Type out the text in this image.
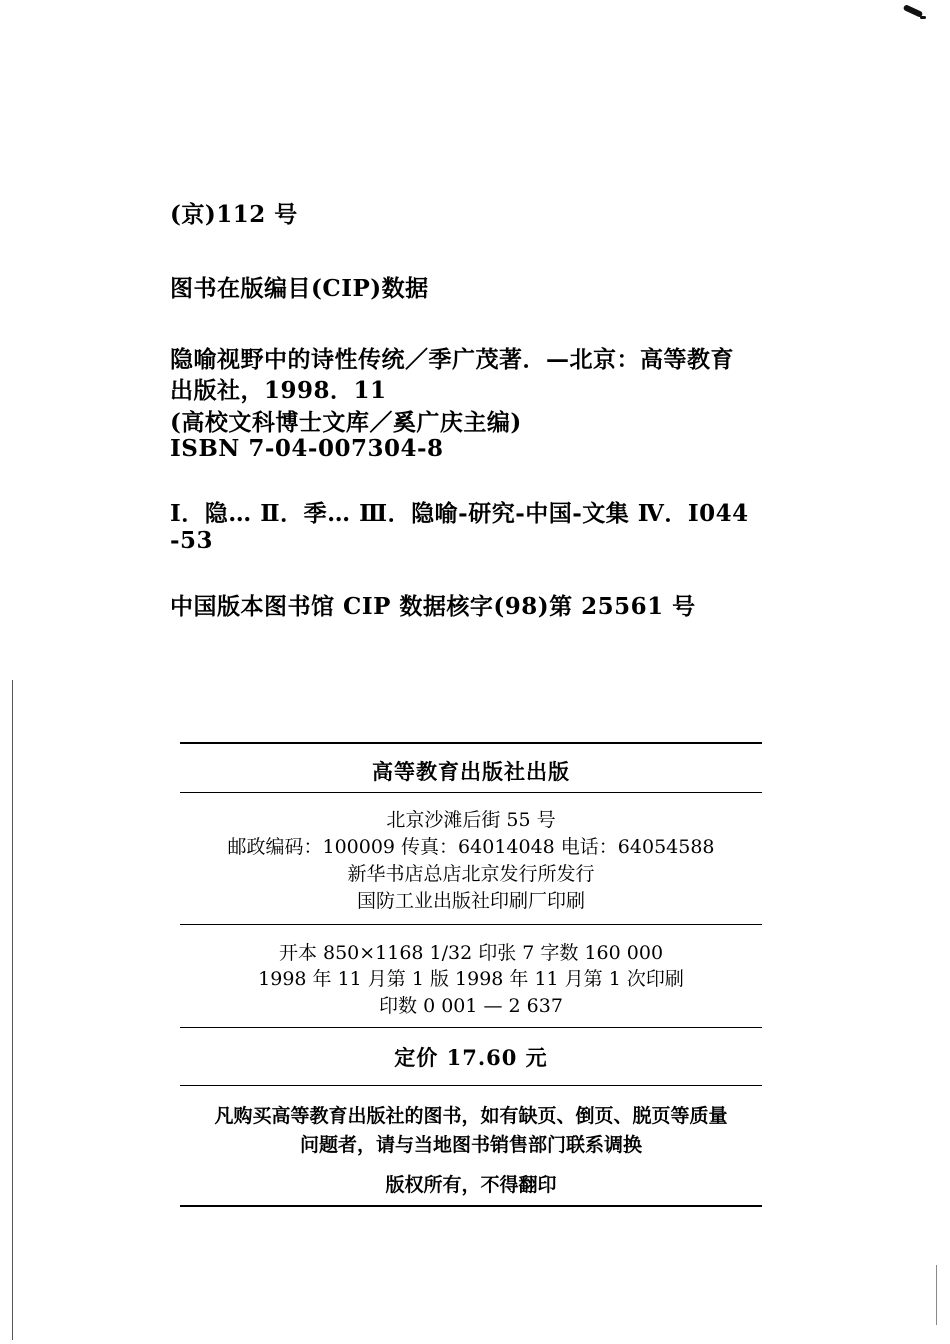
(京)112 号
图书在版编目(CIP)数据
隐喻视野中的诗性传统／季广茂著．—北京：高等教育
出版社，1998．11
(高校文科博士文库／奚广庆主编)
ISBN 7-04-007304-8
Ⅰ．隐… Ⅱ．季… Ⅲ．隐喻-研究-中国-文集 Ⅳ．I044
-53
中国版本图书馆 CIP 数据核字(98)第 25561 号
高等教育出版社出版
北京沙滩后街 55 号
邮政编码：100009 传真：64014048 电话：64054588
新华书店总店北京发行所发行
国防工业出版社印刷厂印刷
开本 850×1168 1/32 印张 7 字数 160 000
1998 年 11 月第 1 版 1998 年 11 月第 1 次印刷
印数 0 001 — 2 637
定价 17.60 元
凡购买高等教育出版社的图书，如有缺页、倒页、脱页等质量
问题者，请与当地图书销售部门联系调换
版权所有，不得翻印
